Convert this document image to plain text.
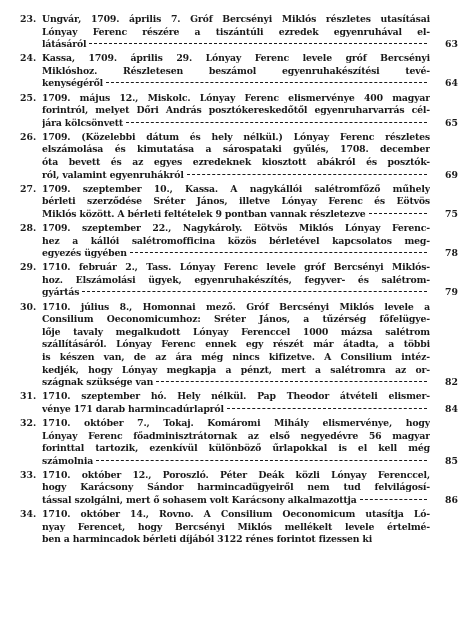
23. Ungvár, 1709. április 7. Gróf Bercsényi Miklós részletes utasításai
Lónyay Ferenc részére a tiszántúli ezredek egyenruhával el-
látásáról	63
24. Kassa, 1709. április 29. Lónyay Ferenc levele gróf Bercsényi
Miklóshoz. Részletesen beszámol egyenruhakészítési tevé-
kenységéről	64
25. 1709. május 12., Miskolc. Lónyay Ferenc elismervénye 400 magyar
forintról, melyet Dőri András posztókereskedőtől egyenruharvarrás cél-
jára kölcsönvett	65
26. 1709. (Közelebbi dátum és hely nélkül.) Lónyay Ferenc részletes
elszámolása és kimutatása a sárospataki gyűlés, 1708. december
óta bevett és az egyes ezredeknek kiosztott abákról és posztók-
ról, valamint egyenruhákról	69
27. 1709. szeptember 10., Kassa. A nagykállói salétromfőző műhely
bérleti szerződése Sréter János, illetve Lónyay Ferenc és Eötvös
Miklós között. A bérleti feltételek 9 pontban vannak részletezve	75
28. 1709. szeptember 22., Nagykároly. Eötvös Miklós Lónyay Ferenc-
hez a kállói salétromofficina közös bérletével kapcsolatos meg-
egyezés ügyében	78
29. 1710. február 2., Tass. Lónyay Ferenc levele gróf Bercsényi Miklós-
hoz. Elszámolási ügyek, egyenruhakészítés, fegyver- és salétrom-
gyártás	79
30. 1710. július 8., Homonnai mező. Gróf Bercsényi Miklós levele a
Consilium Oeconomicumhoz: Sréter János, a tűzérség főfelügye-
lője tavaly megalkudott Lónyay Ferenccel 1000 mázsa salétrom
szállításáról. Lónyay Ferenc ennek egy részét már átadta, a többi
is készen van, de az ára még nincs kifizetve. A Consilium intéz-
kedjék, hogy Lónyay megkapja a pénzt, mert a salétromra az or-
szágnak szüksége van	82
31. 1710. szeptember hó. Hely nélkül. Pap Theodor átvételi elismer-
vénye 171 darab harmincadúrlapról	84
32. 1710. október 7., Tokaj. Komáromi Mihály elismervénye, hogy
Lónyay Ferenc főadminisztrátornak az első negyedévre 56 magyar
forinttal tartozik, ezenkívül különböző űrlapokkal is el kell még
számolnia	85
33. 1710. október 12., Poroszló. Péter Deák közli Lónyay Ferenccel,
hogy Karácsony Sándor harmincadügyeiről nem tud felvilágosí-
tással szolgálni, mert ő sohasem volt Karácsony alkalmazottja	86
34. 1710. október 14., Rovno. A Consilium Oeconomicum utasítja Ló-
nyay Ferencet, hogy Bercsényi Miklós mellékelt levele értelmé-
ben a harmincadok bérleti díjából 3122 rénes forintot fizessen ki
